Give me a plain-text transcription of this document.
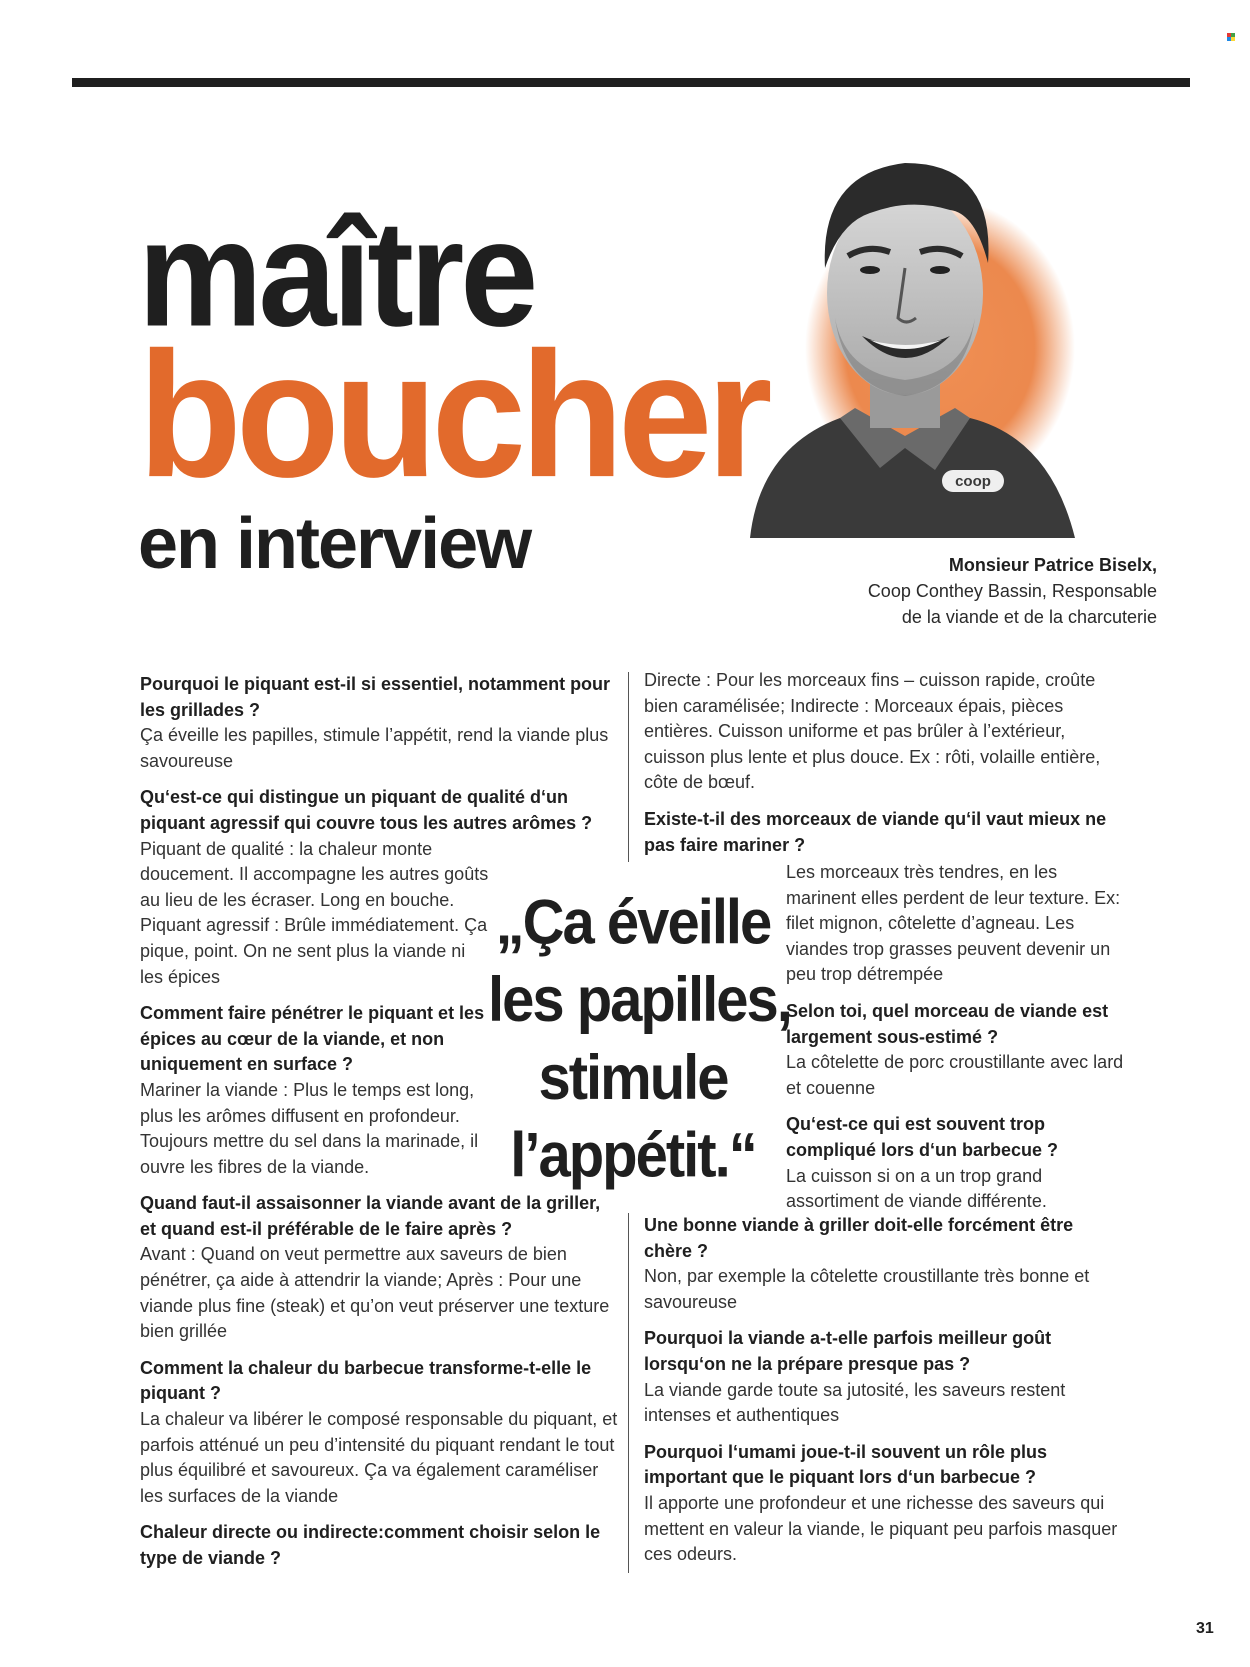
maître
boucher
en interview
coop
Monsieur Patrice Biselx,
Coop Conthey Bassin, Responsable
de la viande et de la charcuterie
Pourquoi le piquant est-il si essentiel, notamment pour les grillades ?
Ça éveille les papilles, stimule l’appétit, rend la viande plus savoureuse
Qu‘est-ce qui distingue un piquant de qualité d‘un piquant agressif qui couvre tous les autres arômes ?
Piquant de qualité : la chaleur monte doucement. Il accompagne les autres goûts au lieu de les écraser. Long en bouche. Piquant agressif : Brûle immédiatement. Ça pique, point. On ne sent plus la viande ni les épices
Comment faire pénétrer le piquant et les épices au cœur de la viande, et non uniquement en surface ?
Mariner la viande : Plus le temps est long, plus les arômes diffusent en profondeur. Toujours mettre du sel dans la marinade, il ouvre les fibres de la viande.
Quand faut-il assaisonner la viande avant de la griller, et quand est-il préférable de le faire après ?
Avant : Quand on veut permettre aux saveurs de bien pénétrer, ça aide à attendrir la viande; Après : Pour une viande plus fine (steak) et qu’on veut préserver une texture bien grillée
Comment la chaleur du barbecue transforme-t-elle le piquant ?
La chaleur va libérer le composé responsable du piquant, et parfois atténué un peu d’intensité du piquant rendant le tout plus équilibré et savoureux. Ça va également caraméliser les surfaces de la viande
Chaleur directe ou indirecte:comment choisir selon le type de viande ?
Directe : Pour les morceaux fins – cuisson rapide, croûte bien caramélisée; Indirecte : Morceaux épais, pièces entières. Cuisson uniforme et pas brûler à l’extérieur, cuisson plus lente et plus douce. Ex : rôti, volaille entière, côte de bœuf.
Existe-t-il des morceaux de viande qu‘il vaut mieux ne pas faire mariner ?
Les morceaux très tendres, en les marinent elles perdent de leur texture. Ex: filet mignon, côtelette d’agneau. Les viandes trop grasses peuvent devenir un peu trop détrempée
Selon toi, quel morceau de viande est largement sous-estimé ?
La côtelette de porc croustillante avec lard et couenne
Qu‘est-ce qui est souvent trop compliqué lors d‘un barbecue ?
La cuisson si on a un trop grand assortiment de viande différente.
Une bonne viande à griller doit-elle forcément être chère ?
Non, par exemple la côtelette croustillante très bonne et savoureuse
Pourquoi la viande a-t-elle parfois meilleur goût lorsqu‘on ne la prépare presque pas ?
La viande garde toute sa jutosité, les saveurs restent intenses et authentiques
Pourquoi l‘umami joue-t-il souvent un rôle plus important que le piquant lors d‘un barbecue ?
Il apporte une profondeur et une richesse des saveurs qui mettent en valeur la viande, le piquant peu parfois masquer ces odeurs.
„Ça éveille
les papilles,
stimule
l’appétit.“
31
